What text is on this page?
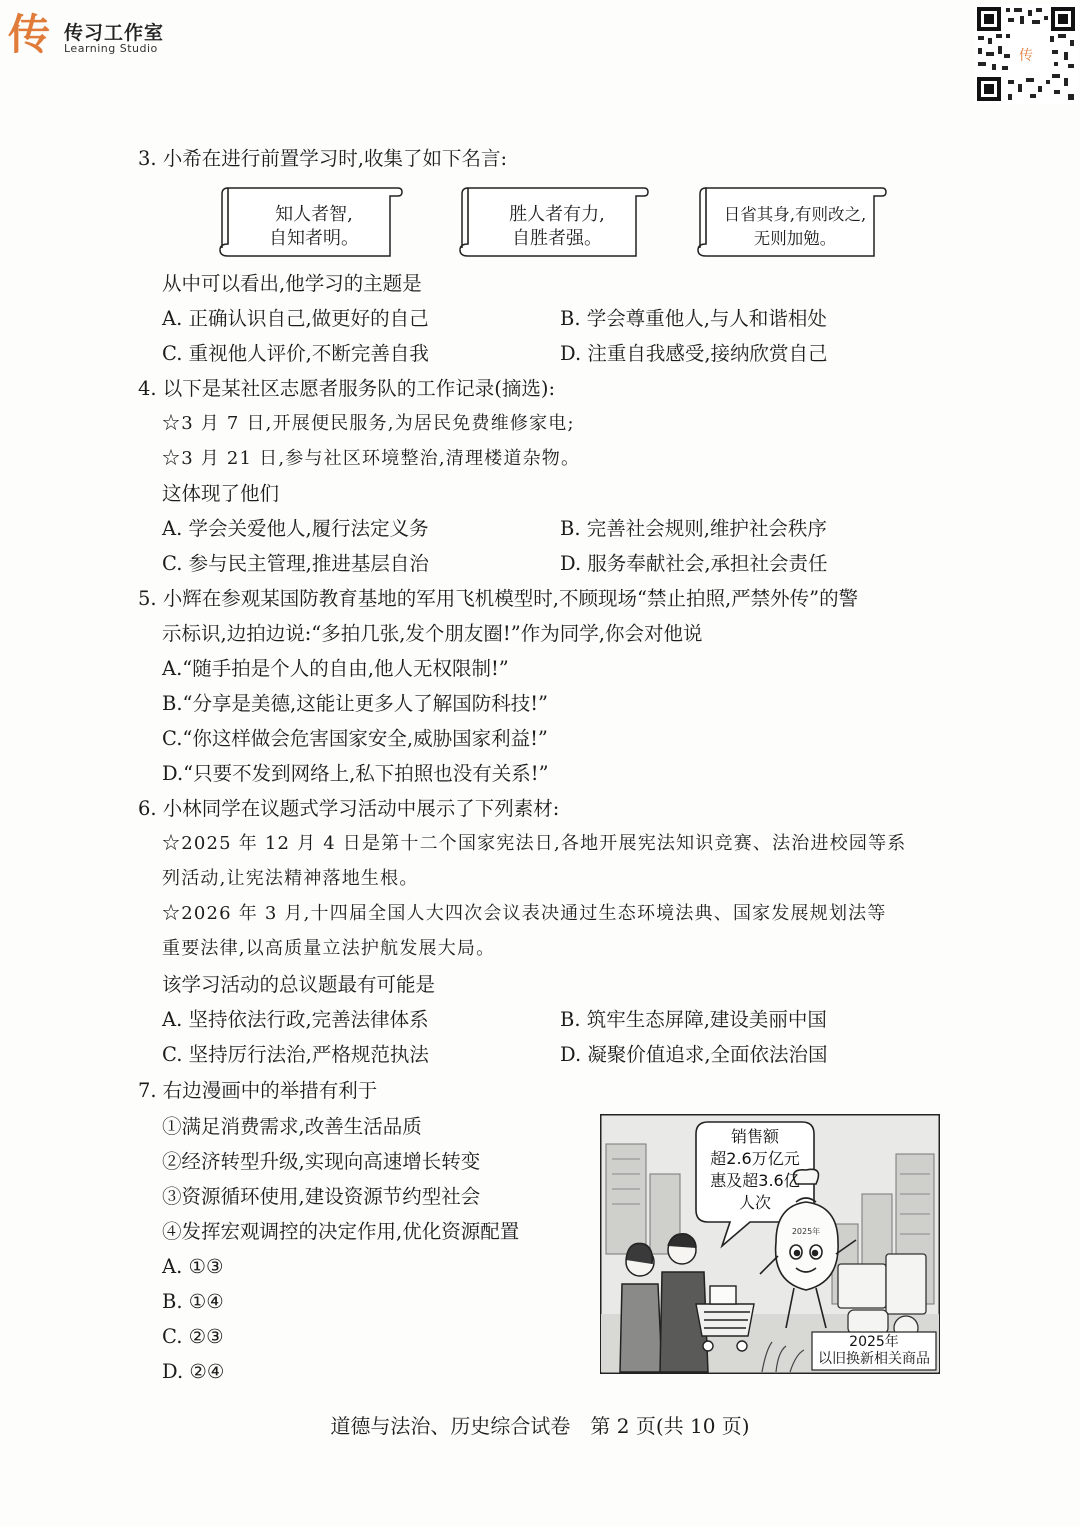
传 传习工作室
Learning Studio	传
3. 小希在进行前置学习时,收集了如下名言:
知人者智,
自知者明。
胜人者有力,
自胜者强。
日省其身,有则改之,
无则加勉。
从中可以看出,他学习的主题是
A. 正确认识自己,做更好的自己	B. 学会尊重他人,与人和谐相处
C. 重视他人评价,不断完善自我	D. 注重自我感受,接纳欣赏自己
4. 以下是某社区志愿者服务队的工作记录(摘选):
☆3 月 7 日,开展便民服务,为居民免费维修家电;
☆3 月 21 日,参与社区环境整治,清理楼道杂物。
这体现了他们
A. 学会关爱他人,履行法定义务	B. 完善社会规则,维护社会秩序
C. 参与民主管理,推进基层自治	D. 服务奉献社会,承担社会责任
5. 小辉在参观某国防教育基地的军用飞机模型时,不顾现场“禁止拍照,严禁外传”的警
示标识,边拍边说:“多拍几张,发个朋友圈!”作为同学,你会对他说
A.“随手拍是个人的自由,他人无权限制!”
B.“分享是美德,这能让更多人了解国防科技!”
C.“你这样做会危害国家安全,威胁国家利益!”
D.“只要不发到网络上,私下拍照也没有关系!”
6. 小林同学在议题式学习活动中展示了下列素材:
☆2025 年 12 月 4 日是第十二个国家宪法日,各地开展宪法知识竞赛、法治进校园等系
列活动,让宪法精神落地生根。
☆2026 年 3 月,十四届全国人大四次会议表决通过生态环境法典、国家发展规划法等
重要法律,以高质量立法护航发展大局。
该学习活动的总议题最有可能是
A. 坚持依法行政,完善法律体系	B. 筑牢生态屏障,建设美丽中国
C. 坚持厉行法治,严格规范执法	D. 凝聚价值追求,全面依法治国
7. 右边漫画中的举措有利于
①满足消费需求,改善生活品质
②经济转型升级,实现向高速增长转变
③资源循环使用,建设资源节约型社会
④发挥宏观调控的决定作用,优化资源配置
A. ①③
B. ①④
C. ②③
D. ②④
2025年
销售额
超2.6万亿元
惠及超3.6亿
人次
2025年
以旧换新相关商品
道德与法治、历史综合试卷　第 2 页(共 10 页)
